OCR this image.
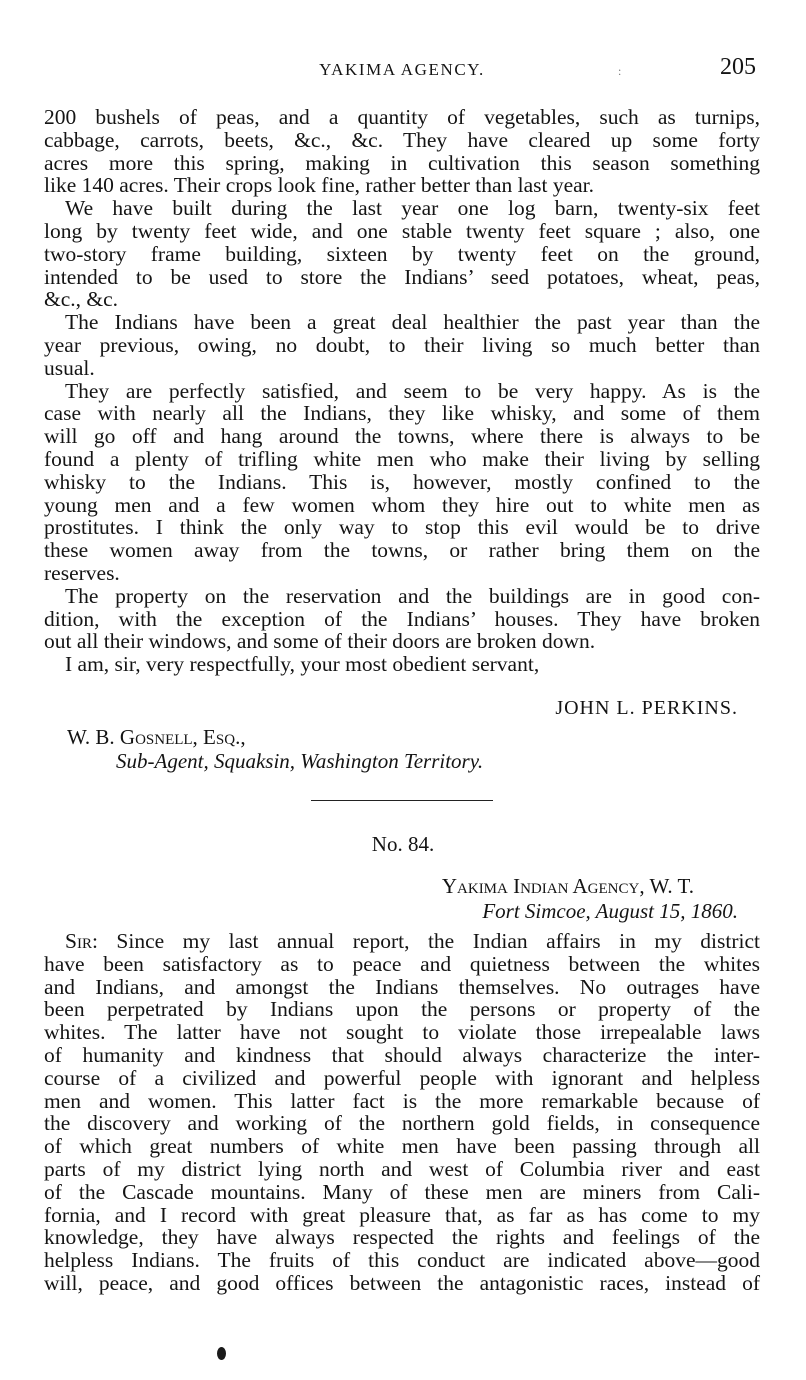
YAKIMA AGENCY.	:	205
200 bushels of peas, and a quantity of vegetables, such as turnips,
cabbage, carrots, beets, &c., &c. They have cleared up some forty
acres more this spring, making in cultivation this season something
like 140 acres. Their crops look fine, rather better than last year.
We have built during the last year one log barn, twenty-six feet
long by twenty feet wide, and one stable twenty feet square ; also, one
two-story frame building, sixteen by twenty feet on the ground,
intended to be used to store the Indians’ seed potatoes, wheat, peas,
&c., &c.
The Indians have been a great deal healthier the past year than the
year previous, owing, no doubt, to their living so much better than
usual.
They are perfectly satisfied, and seem to be very happy. As is the
case with nearly all the Indians, they like whisky, and some of them
will go off and hang around the towns, where there is always to be
found a plenty of trifling white men who make their living by selling
whisky to the Indians. This is, however, mostly confined to the
young men and a few women whom they hire out to white men as
prostitutes. I think the only way to stop this evil would be to drive
these women away from the towns, or rather bring them on the
reserves.
The property on the reservation and the buildings are in good con-
dition, with the exception of the Indians’ houses. They have broken
out all their windows, and some of their doors are broken down.
I am, sir, very respectfully, your most obedient servant,
JOHN L. PERKINS.
W. B. Gosnell, Esq.,
Sub-Agent, Squaksin, Washington Territory.
No. 84.
Yakima Indian Agency, W. T.
Fort Simcoe, August 15, 1860.
Sir: Since my last annual report, the Indian affairs in my district
have been satisfactory as to peace and quietness between the whites
and Indians, and amongst the Indians themselves. No outrages have
been perpetrated by Indians upon the persons or property of the
whites. The latter have not sought to violate those irrepealable laws
of humanity and kindness that should always characterize the inter-
course of a civilized and powerful people with ignorant and helpless
men and women. This latter fact is the more remarkable because of
the discovery and working of the northern gold fields, in consequence
of which great numbers of white men have been passing through all
parts of my district lying north and west of Columbia river and east
of the Cascade mountains. Many of these men are miners from Cali-
fornia, and I record with great pleasure that, as far as has come to my
knowledge, they have always respected the rights and feelings of the
helpless Indians. The fruits of this conduct are indicated above—good
will, peace, and good offices between the antagonistic races, instead of
